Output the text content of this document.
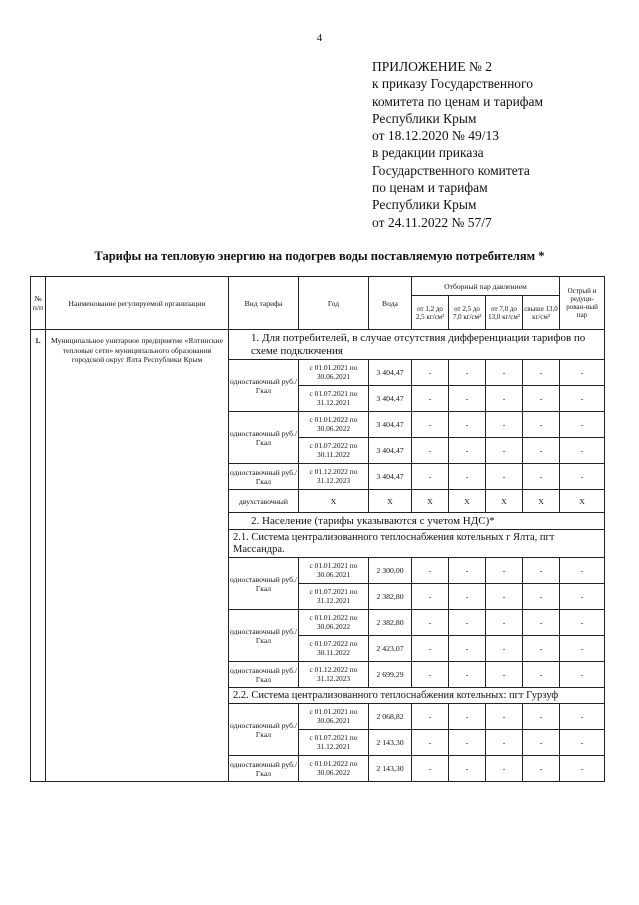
4
ПРИЛОЖЕНИЕ № 2
к приказу Государственного
комитета по ценам и тарифам
Республики Крым
от 18.12.2020 № 49/13
в редакции приказа
Государственного комитета
по ценам и тарифам
Республики Крым
от 24.11.2022 № 57/7
Тарифы на тепловую энергию на подогрев воды поставляемую потребителям *
№ п/п	Наименование регулируемой организации	Вид тарифа	Год	Вода	Отборный пар давлением				Острый и редуци-рован-ный пар
					от 1,2 до 2,5 кг/см²	от 2,5 до 7,0 кг/см²	от 7,0 до 13,0 кг/см²	свыше 13,0 кг/см²	
1.	Муниципальное унитарное предприятие «Ялтинские тепловые сети» муниципального образования городской округ Ялта Республики Крым	1. Для потребителей, в случае отсутствия дифференциации тарифов по схеме подключения							
		одноставочный руб./Гкал	с 01.01.2021 по 30.06.2021	3 404,47	-	-	-	-	-
			с 01.07.2021 по 31.12.2021	3 404,47	-	-	-	-	-
		одноставочный руб./Гкал	с 01.01.2022 по 30.06.2022	3 404,47	-	-	-	-	-
			с 01.07.2022 по 30.11.2022	3 404,47	-	-	-	-	-
		одноставочный руб./Гкал	с 01.12.2022 по 31.12.2023	3 404,47	-	-	-	-	-
		двухставочный	Х	Х	Х	Х	Х	Х	Х
		2. Население (тарифы указываются с учетом НДС)*							
		2.1. Система централизованного теплоснабжения котельных г Ялта, пгт Массандра.							
		одноставочный руб./Гкал	с 01.01.2021 по 30.06.2021	2 300,00	-	-	-	-	-
			с 01.07.2021 по 31.12.2021	2 382,80	-	-	-	-	-
		одноставочный руб./Гкал	с 01.01.2022 по 30.06.2022	2 382,80	-	-	-	-	-
			с 01.07.2022 по 30.11.2022	2 423,07	-	-	-	-	-
		одноставочный руб./Гкал	с 01.12.2022 по 31.12.2023	2 699,29	-	-	-	-	-
		2.2. Система централизованного теплоснабжения котельных: пгт Гурзуф							
		одноставочный руб./Гкал	с 01.01.2021 по 30.06.2021	2 068,82	-	-	-	-	-
			с 01.07.2021 по 31.12.2021	2 143,30	-	-	-	-	-
		одноставочный руб./Гкал	с 01.01.2022 по 30.06.2022	2 143,30	-	-	-	-	-
